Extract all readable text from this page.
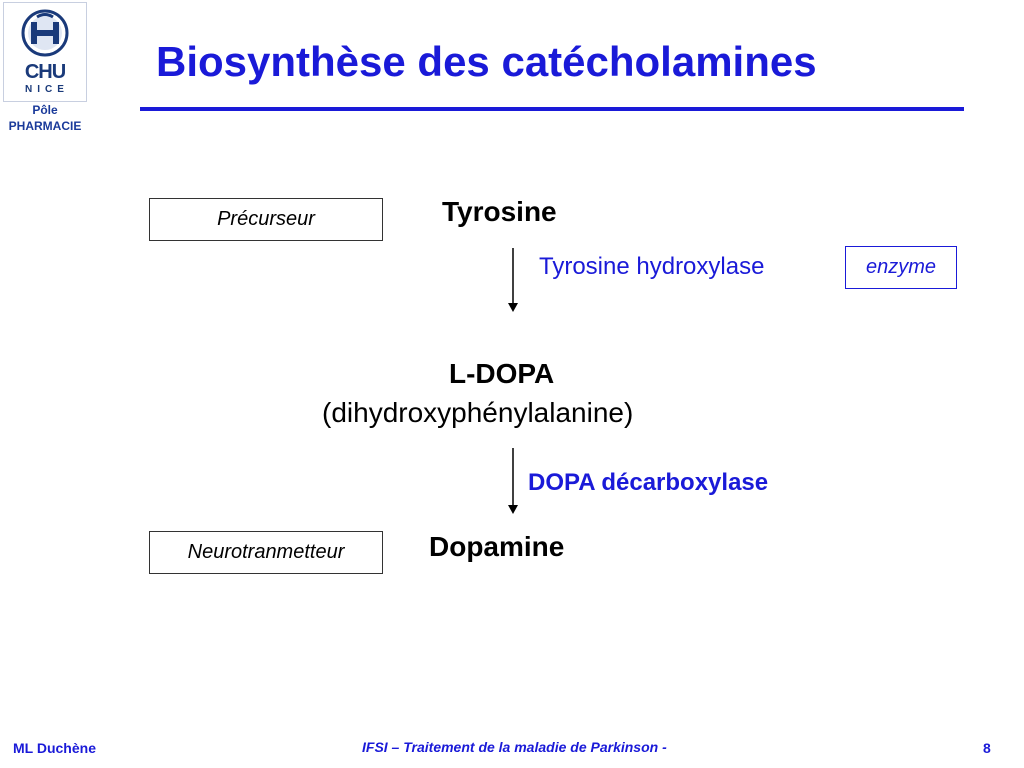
CHU
NICE
Pôle
PHARMACIE
Biosynthèse des catécholamines
Précurseur	Tyrosine
Tyrosine hydroxylase	enzyme
L-DOPA
(dihydroxyphénylalanine)
DOPA décarboxylase
Neurotranmetteur	Dopamine
ML Duchène	IFSI – Traitement de la maladie de Parkinson -	8
